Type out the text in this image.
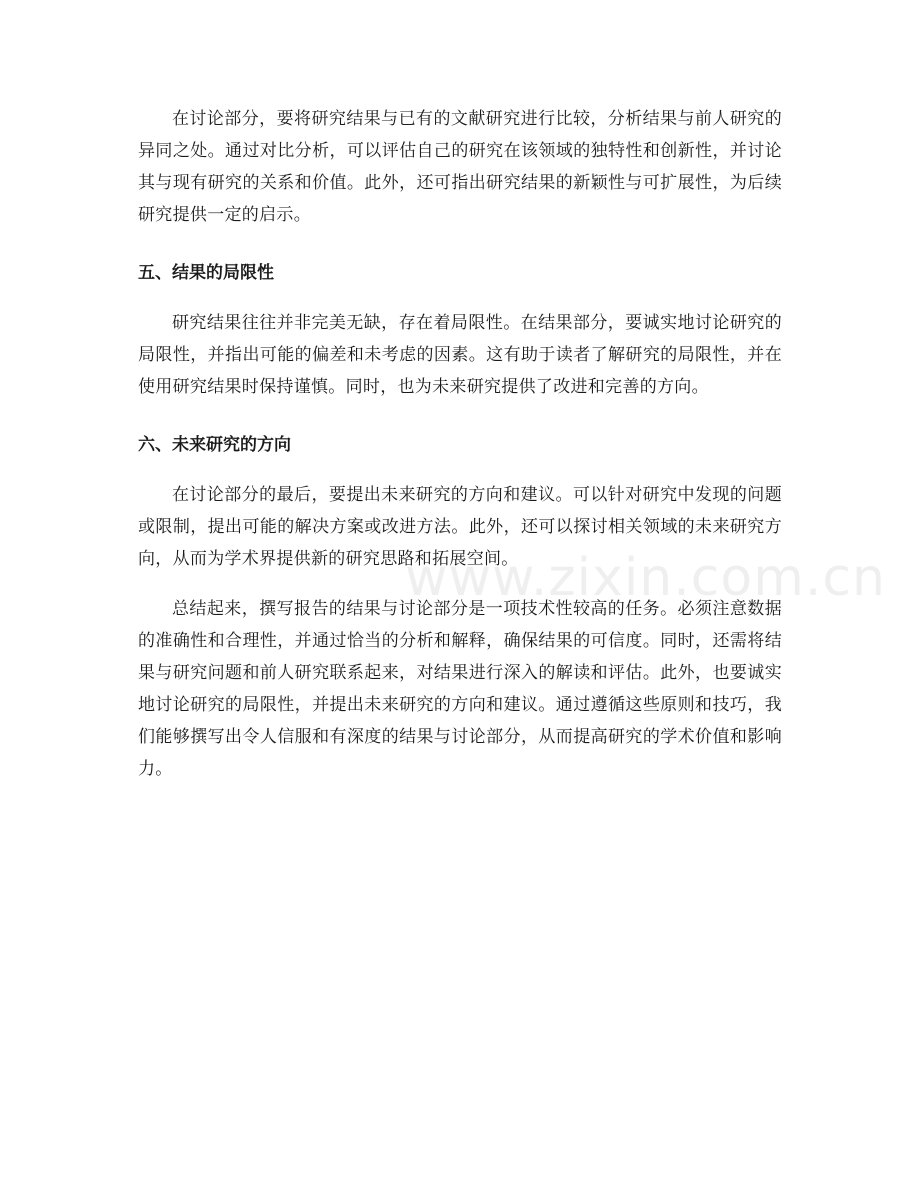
在讨论部分，要将研究结果与已有的文献研究进行比较，分析结果与前人研究的异同之处。通过对比分析，可以评估自己的研究在该领域的独特性和创新性，并讨论其与现有研究的关系和价值。此外，还可指出研究结果的新颖性与可扩展性，为后续研究提供一定的启示。

五、结果的局限性

研究结果往往并非完美无缺，存在着局限性。在结果部分，要诚实地讨论研究的局限性，并指出可能的偏差和未考虑的因素。这有助于读者了解研究的局限性，并在使用研究结果时保持谨慎。同时，也为未来研究提供了改进和完善的方向。

六、未来研究的方向

在讨论部分的最后，要提出未来研究的方向和建议。可以针对研究中发现的问题或限制，提出可能的解决方案或改进方法。此外，还可以探讨相关领域的未来研究方向，从而为学术界提供新的研究思路和拓展空间。

总结起来，撰写报告的结果与讨论部分是一项技术性较高的任务。必须注意数据的准确性和合理性，并通过恰当的分析和解释，确保结果的可信度。同时，还需将结果与研究问题和前人研究联系起来，对结果进行深入的解读和评估。此外，也要诚实地讨论研究的局限性，并提出未来研究的方向和建议。通过遵循这些原则和技巧，我们能够撰写出令人信服和有深度的结果与讨论部分，从而提高研究的学术价值和影响力。

www.zixin.com.cn
